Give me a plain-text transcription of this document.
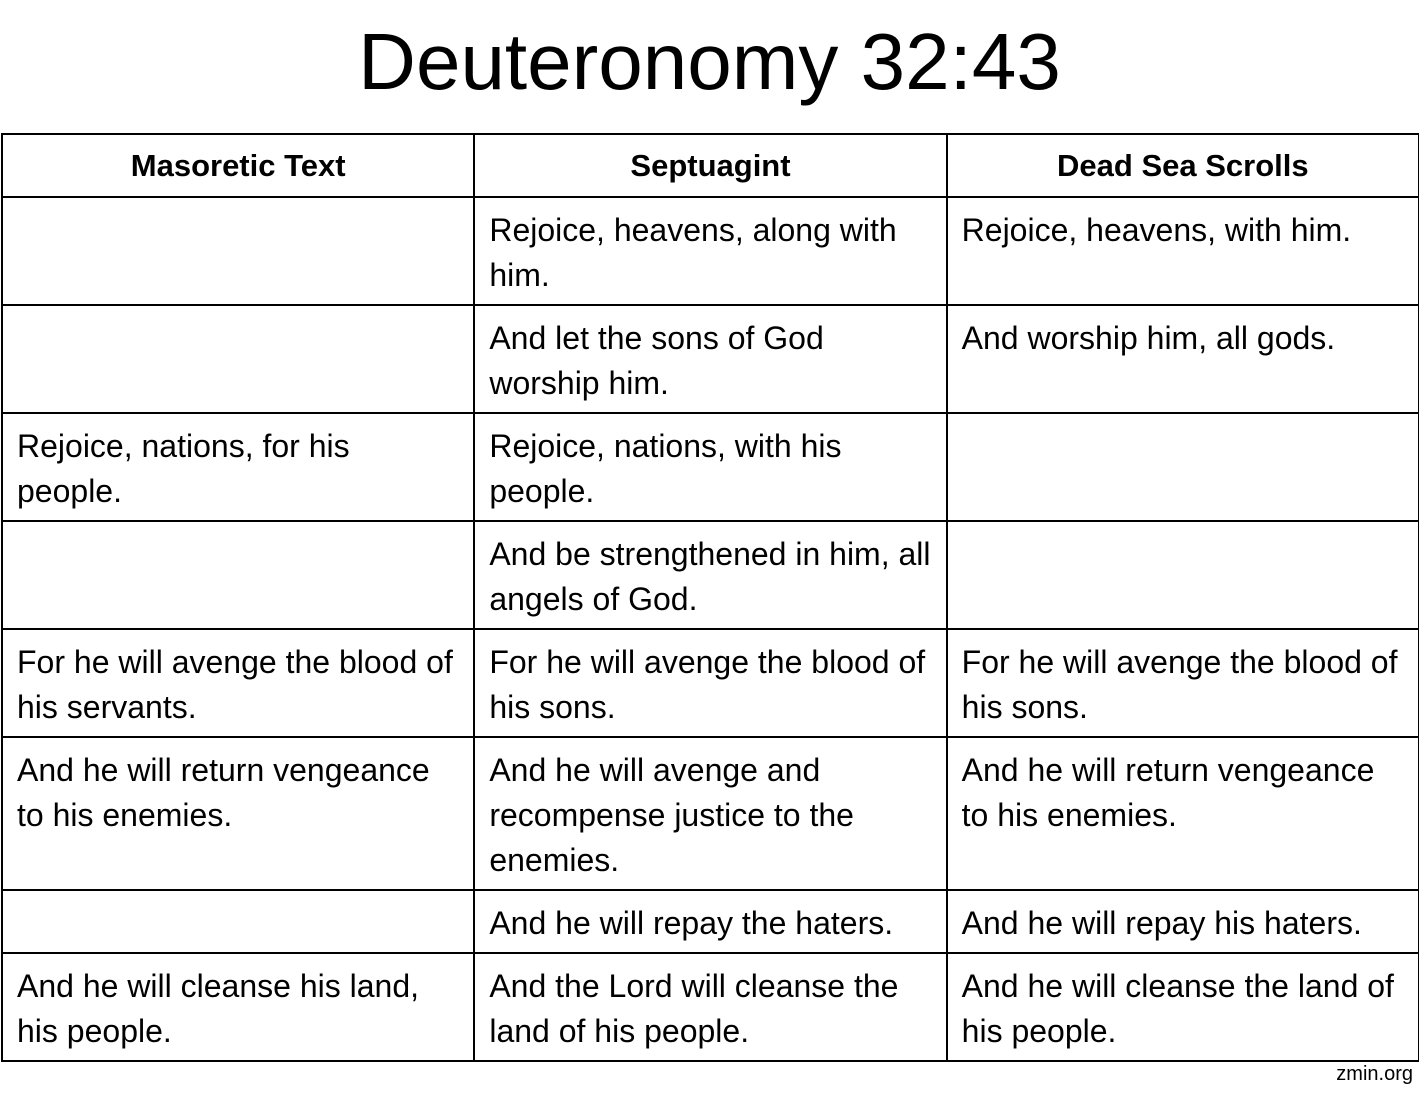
Deuteronomy 32:43
Masoretic Text	Septuagint	Dead Sea Scrolls
	Rejoice, heavens, along with him.	Rejoice, heavens, with him.
	And let the sons of God worship him.	And worship him, all gods.
Rejoice, nations, for his people.	Rejoice, nations, with his people.	
	And be strengthened in him, all angels of God.	
For he will avenge the blood of his servants.	For he will avenge the blood of his sons.	For he will avenge the blood of his sons.
And he will return vengeance to his enemies.	And he will avenge and recompense justice to the enemies.	And he will return vengeance to his enemies.
	And he will repay the haters.	And he will repay his haters.
And he will cleanse his land, his people.	And the Lord will cleanse the land of his people.	And he will cleanse the land of his people.
zmin.org
